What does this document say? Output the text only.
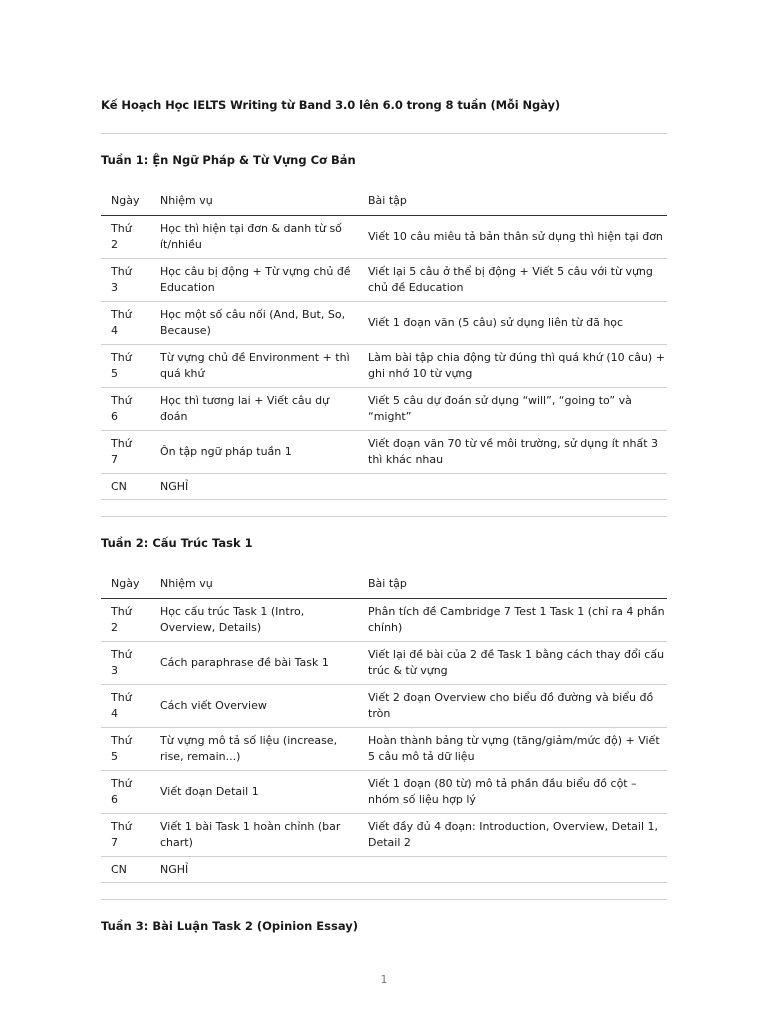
Kế Hoạch Học IELTS Writing từ Band 3.0 lên 6.0 trong 8 tuần (Mỗi Ngày)
Tuần 1: Ện Ngữ Pháp & Từ Vựng Cơ Bản
Ngày	Nhiệm vụ	Bài tập

Thứ 2	Học thì hiện tại đơn & danh từ số ít/nhiều	Viết 10 câu miêu tả bản thân sử dụng thì hiện tại đơn

Thứ 3	Học câu bị động + Từ vựng chủ đề Education	Viết lại 5 câu ở thể bị động + Viết 5 câu với từ vựng chủ đề Education

Thứ 4	Học một số câu nối (And, But, So, Because)	Viết 1 đoạn văn (5 câu) sử dụng liên từ đã học

Thứ 5	Từ vựng chủ đề Environment + thì quá khứ	Làm bài tập chia động từ đúng thì quá khứ (10 câu) + ghi nhớ 10 từ vựng

Thứ 6	Học thì tương lai + Viết câu dự đoán	Viết 5 câu dự đoán sử dụng “will”, “going to” và “might”

Thứ 7	Ôn tập ngữ pháp tuần 1	Viết đoạn văn 70 từ về môi trường, sử dụng ít nhất 3 thì khác nhau

CN	NGHỈ	
Tuần 2: Cấu Trúc Task 1
Ngày	Nhiệm vụ	Bài tập

Thứ 2	Học cấu trúc Task 1 (Intro, Overview, Details)	Phân tích đề Cambridge 7 Test 1 Task 1 (chỉ ra 4 phần chính)

Thứ 3	Cách paraphrase đề bài Task 1	Viết lại đề bài của 2 đề Task 1 bằng cách thay đổi cấu trúc & từ vựng

Thứ 4	Cách viết Overview	Viết 2 đoạn Overview cho biểu đồ đường và biểu đồ tròn

Thứ 5	Từ vựng mô tả số liệu (increase, rise, remain...)	Hoàn thành bảng từ vựng (tăng/giảm/mức độ) + Viết 5 câu mô tả dữ liệu

Thứ 6	Viết đoạn Detail 1	Viết 1 đoạn (80 từ) mô tả phần đầu biểu đồ cột – nhóm số liệu hợp lý

Thứ 7	Viết 1 bài Task 1 hoàn chỉnh (bar chart)	Viết đầy đủ 4 đoạn: Introduction, Overview, Detail 1, Detail 2

CN	NGHỈ	
Tuần 3: Bài Luận Task 2 (Opinion Essay)
1
